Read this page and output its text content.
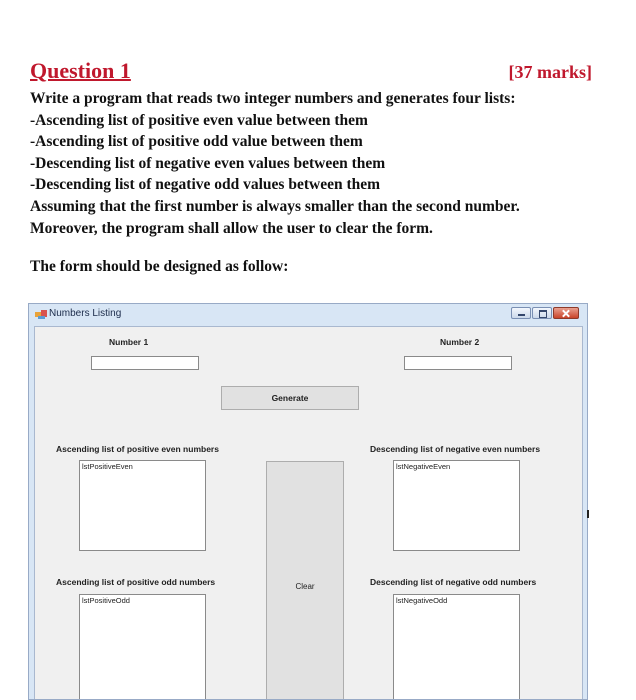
Question 1	[37 marks]

Write a program that reads two integer numbers and generates four lists:

-Ascending list of positive even value between them

-Ascending list of positive odd value between them

-Descending list of negative even values between them

-Descending list of negative odd values between them

Assuming that the first number is always smaller than the second number.

Moreover, the program shall allow the user to clear the form.

The form should be designed as follow:
Numbers Listing
Number 1	Number 2
Generate
Ascending list of positive even numbers	Descending list of negative even numbers
lstPositiveEven	lstNegativeEven
Clear
Ascending list of positive odd numbers	Descending list of negative odd numbers
lstPositiveOdd	lstNegativeOdd
